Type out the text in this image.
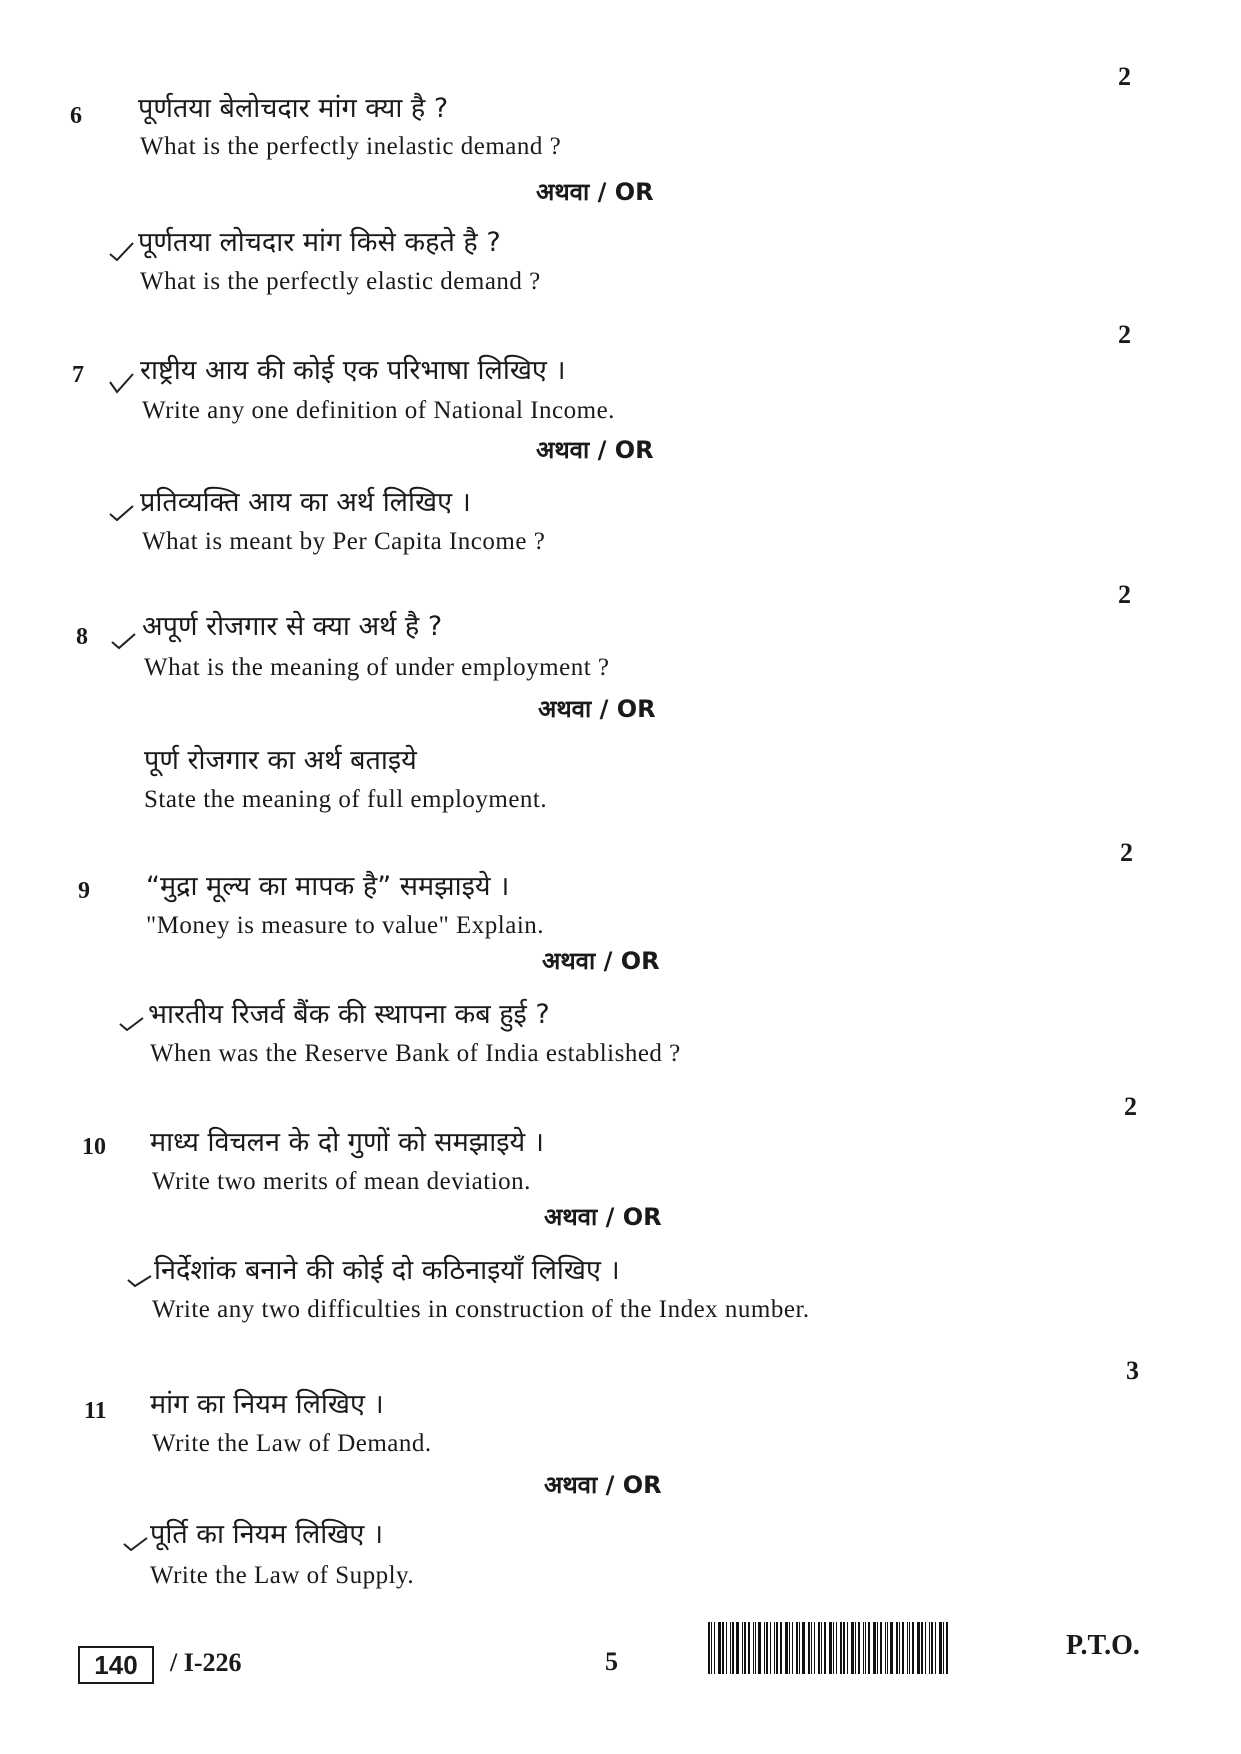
2
6 पूर्णतया बेलोचदार मांग क्या है ?
What is the perfectly inelastic demand ?
अथवा / OR
पूर्णतया लोचदार मांग किसे कहते है ?
What is the perfectly elastic demand ?
2
7 राष्ट्रीय आय की कोई एक परिभाषा लिखिए ।
Write any one definition of National Income.
अथवा / OR
प्रतिव्यक्ति आय का अर्थ लिखिए ।
What is meant by Per Capita Income ?
2
8 अपूर्ण रोजगार से क्या अर्थ है ?
What is the meaning of under employment ?
अथवा / OR
पूर्ण रोजगार का अर्थ बताइये
State the meaning of full employment.
2
9 “मुद्रा मूल्य का मापक है” समझाइये ।
"Money is measure to value" Explain.
अथवा / OR
भारतीय रिजर्व बैंक की स्थापना कब हुई ?
When was the Reserve Bank of India established ?
2
10 माध्य विचलन के दो गुणों को समझाइये ।
Write two merits of mean deviation.
अथवा / OR
निर्देशांक बनाने की कोई दो कठिनाइयाँ लिखिए ।
Write any two difficulties in construction of the Index number.
3
11 मांग का नियम लिखिए ।
Write the Law of Demand.
अथवा / OR
पूर्ति का नियम लिखिए ।
Write the Law of Supply.
140	/ I-226	5
P.T.O.
